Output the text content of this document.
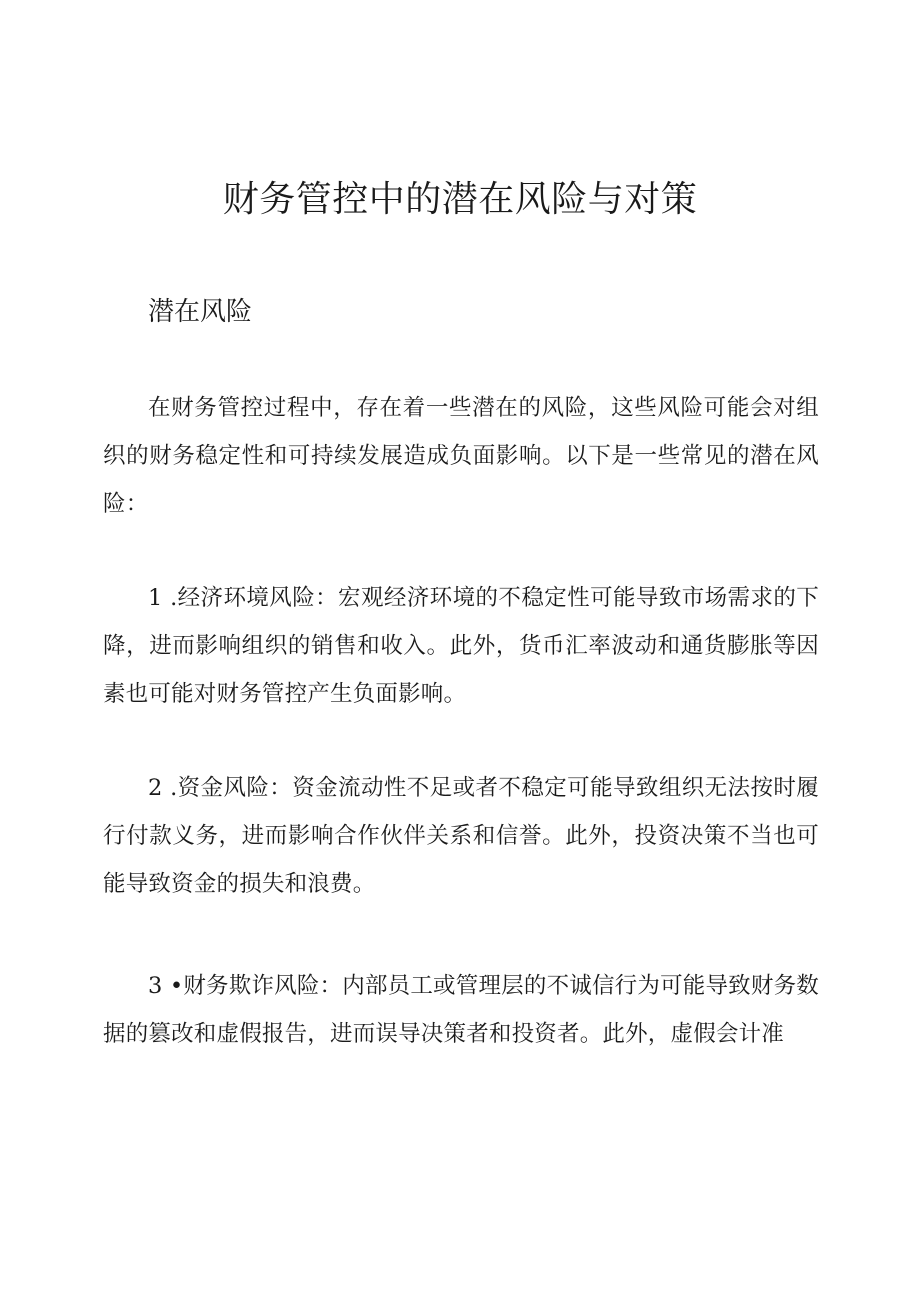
财务管控中的潜在风险与对策
潜在风险

在财务管控过程中，存在着一些潜在的风险，这些风险可能会对组织的财务稳定性和可持续发展造成负面影响。以下是一些常见的潜在风险：

1 .经济环境风险：宏观经济环境的不稳定性可能导致市场需求的下降，进而影响组织的销售和收入。此外，货币汇率波动和通货膨胀等因素也可能对财务管控产生负面影响。

2 .资金风险：资金流动性不足或者不稳定可能导致组织无法按时履行付款义务，进而影响合作伙伴关系和信誉。此外，投资决策不当也可能导致资金的损失和浪费。

3 •财务欺诈风险：内部员工或管理层的不诚信行为可能导致财务数据的篡改和虚假报告，进而误导决策者和投资者。此外，虚假会计准
